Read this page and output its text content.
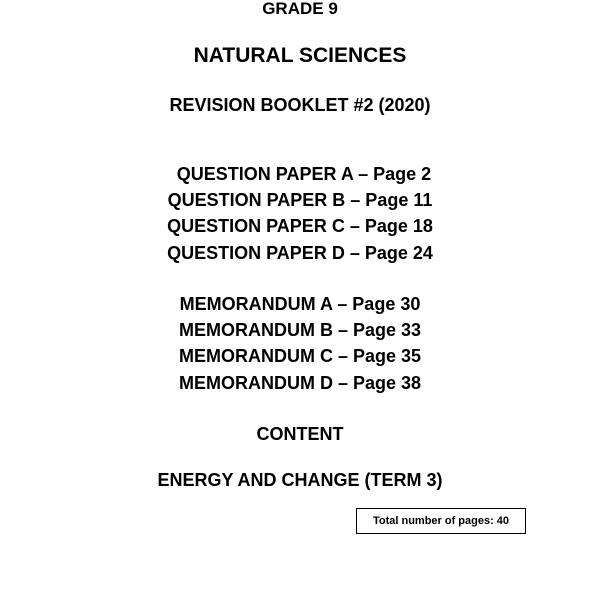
GRADE 9
NATURAL SCIENCES
REVISION BOOKLET #2 (2020)
QUESTION PAPER A – Page 2
QUESTION PAPER B – Page 11
QUESTION PAPER C – Page 18
QUESTION PAPER D – Page 24
MEMORANDUM A – Page 30
MEMORANDUM B – Page 33
MEMORANDUM C – Page 35
MEMORANDUM D – Page 38
CONTENT
ENERGY AND CHANGE (TERM 3)
Total number of pages: 40
